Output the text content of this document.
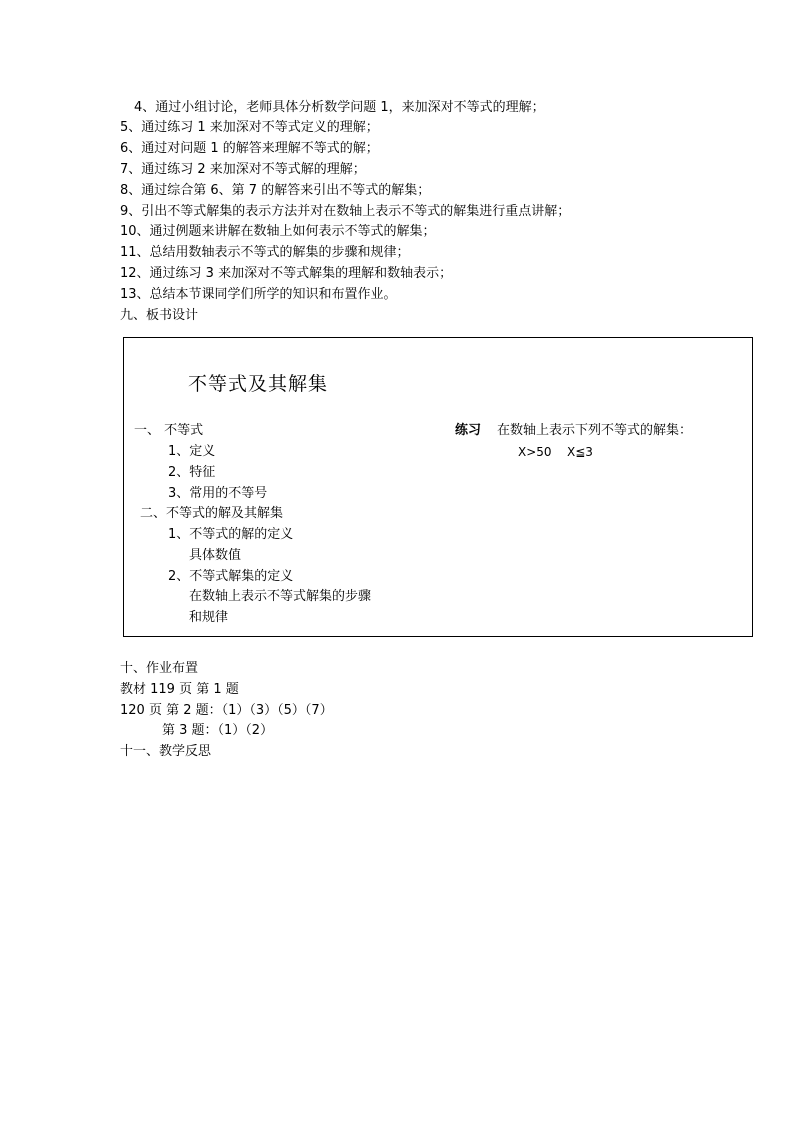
4、通过小组讨论，老师具体分析数学问题 1，来加深对不等式的理解；
5、通过练习 1 来加深对不等式定义的理解；
6、通过对问题 1 的解答来理解不等式的解；
7、通过练习 2 来加深对不等式解的理解；
8、通过综合第 6、第 7 的解答来引出不等式的解集；
9、引出不等式解集的表示方法并对在数轴上表示不等式的解集进行重点讲解；
10、通过例题来讲解在数轴上如何表示不等式的解集；
11、总结用数轴表示不等式的解集的步骤和规律；
12、通过练习 3 来加深对不等式解集的理解和数轴表示；
13、总结本节课同学们所学的知识和布置作业。
九、板书设计
不等式及其解集
一、 不等式
1、定义
2、特征
3、常用的不等号
二、不等式的解及其解集
1、不等式的解的定义
具体数值
2、不等式解集的定义
在数轴上表示不等式解集的步骤
和规律
练习 在数轴上表示下列不等式的解集：
X>50 X≦3
十、作业布置
教材 119 页 第 1 题
120 页 第 2 题：（1）（3）（5）（7）
第 3 题：（1）（2）
十一、教学反思
